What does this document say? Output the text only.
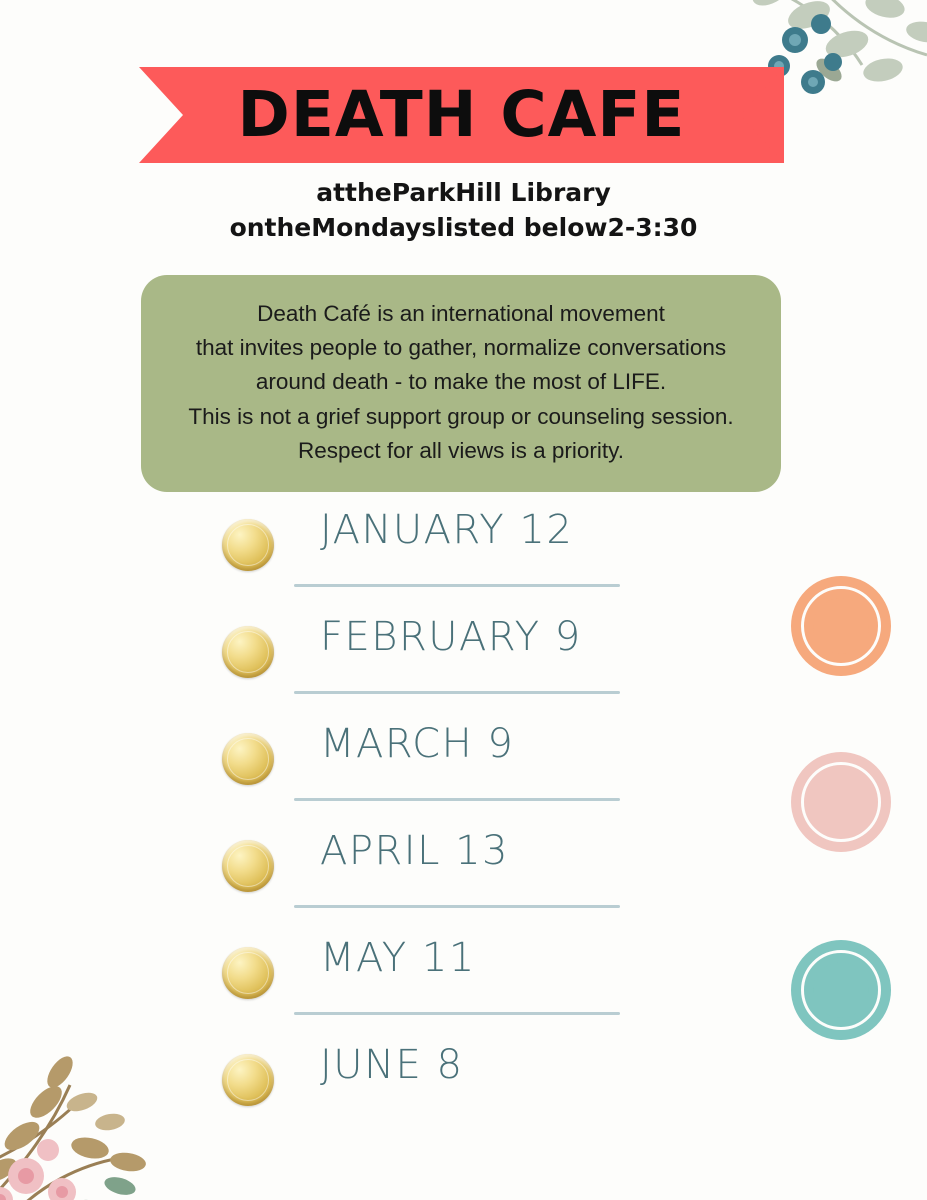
DEATH CAFE
attheParkHill Library
ontheMondayslisted below2-3:30
Death Café is an international movement
that invites people to gather, normalize conversations
around death - to make the most of LIFE.
This is not a grief support group or counseling session.
Respect for all views is a priority.
JANUARY 12
FEBRUARY 9
MARCH 9
APRIL 13
MAY 11
JUNE 8
